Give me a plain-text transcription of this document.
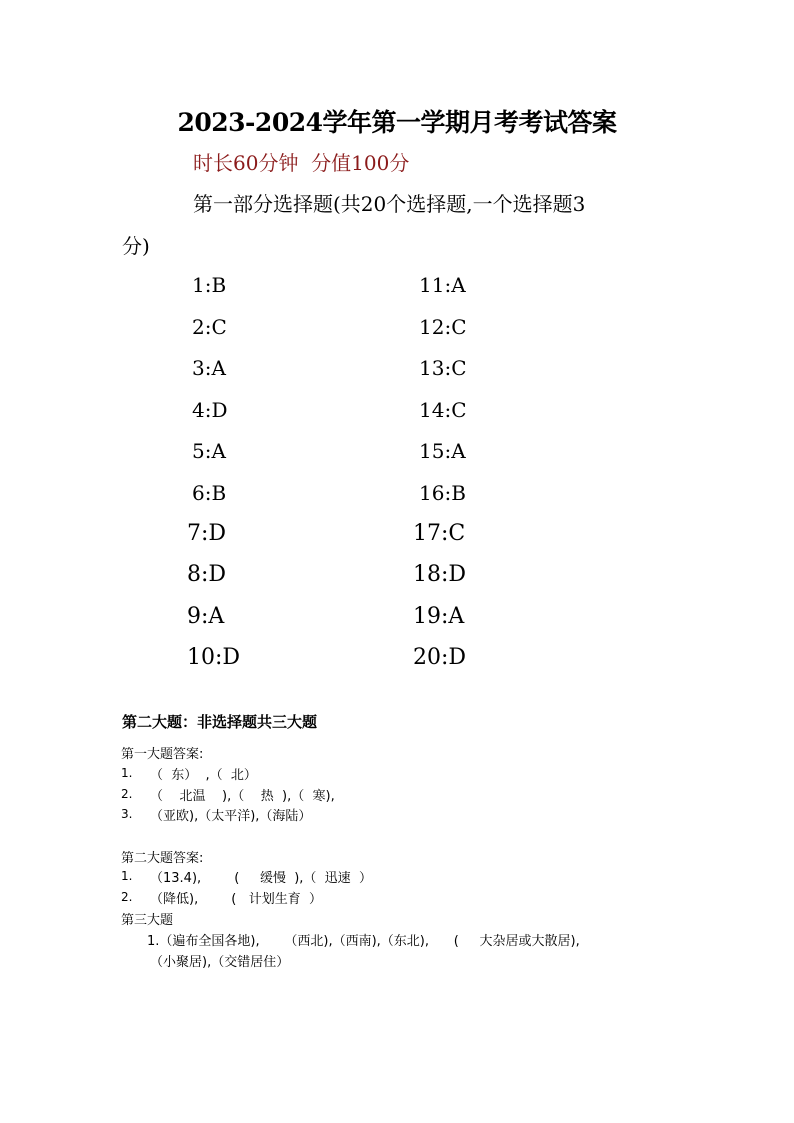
2023-2024学年第一学期月考考试答案
时长60分钟  分值100分
第一部分选择题(共20个选择题,一个选择题3
分)
1:B
2:C
3:A
4:D
5:A
6:B
7:D
8:D
9:A
10:D
11:A
12:C
13:C
14:C
15:A
16:B
17:C
18:D
19:A
20:D
第二大题：非选择题共三大题
第一大题答案:
1. （  东）  ,（  北）
2. （    北温    ),（    热  ),（  寒),
3. （亚欧),（太平洋),（海陆）
第二大题答案:
1. （13.4),        (     缓慢  ),（  迅速  ）
2. （降低),        (   计划生育  ）
第三大题
1.（遍布全国各地),      （西北),（西南),（东北),      (     大杂居或大散居),
（小聚居),（交错居住）
